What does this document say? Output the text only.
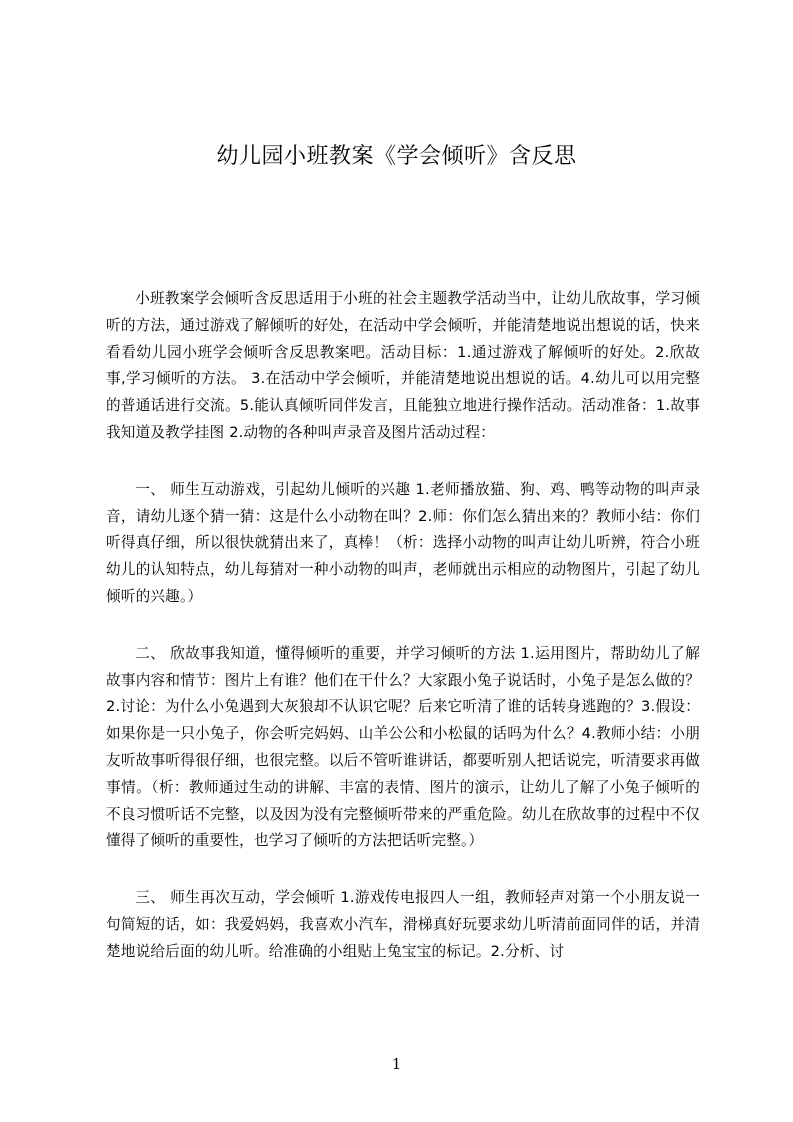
幼儿园小班教案《学会倾听》含反思

小班教案学会倾听含反思适用于小班的社会主题教学活动当中，让幼儿欣故事，学习倾听的方法，通过游戏了解倾听的好处，在活动中学会倾听，并能清楚地说出想说的话，快来看看幼儿园小班学会倾听含反思教案吧。活动目标：1.通过游戏了解倾听的好处。2.欣故事,学习倾听的方法。 3.在活动中学会倾听，并能清楚地说出想说的话。4.幼儿可以用完整的普通话进行交流。5.能认真倾听同伴发言，且能独立地进行操作活动。活动准备：1.故事我知道及教学挂图 2.动物的各种叫声录音及图片活动过程：

一、 师生互动游戏，引起幼儿倾听的兴趣 1.老师播放猫、狗、鸡、鸭等动物的叫声录音，请幼儿逐个猜一猜：这是什么小动物在叫？2.师：你们怎么猜出来的？教师小结：你们听得真仔细，所以很快就猜出来了，真棒！（析：选择小动物的叫声让幼儿听辨，符合小班幼儿的认知特点，幼儿每猜对一种小动物的叫声，老师就出示相应的动物图片，引起了幼儿倾听的兴趣。）

二、 欣故事我知道，懂得倾听的重要，并学习倾听的方法 1.运用图片，帮助幼儿了解故事内容和情节：图片上有谁？他们在干什么？大家跟小兔子说话时，小兔子是怎么做的？2.讨论：为什么小兔遇到大灰狼却不认识它呢？后来它听清了谁的话转身逃跑的？3.假设：如果你是一只小兔子，你会听完妈妈、山羊公公和小松鼠的话吗为什么？4.教师小结：小朋友听故事听得很仔细，也很完整。以后不管听谁讲话，都要听别人把话说完，听清要求再做事情。（析：教师通过生动的讲解、丰富的表情、图片的演示，让幼儿了解了小兔子倾听的不良习惯听话不完整，以及因为没有完整倾听带来的严重危险。幼儿在欣故事的过程中不仅懂得了倾听的重要性，也学习了倾听的方法把话听完整。）

三、 师生再次互动，学会倾听 1.游戏传电报四人一组，教师轻声对第一个小朋友说一句简短的话，如：我爱妈妈，我喜欢小汽车，滑梯真好玩要求幼儿听清前面同伴的话，并清楚地说给后面的幼儿听。给准确的小组贴上兔宝宝的标记。2.分析、讨

1
